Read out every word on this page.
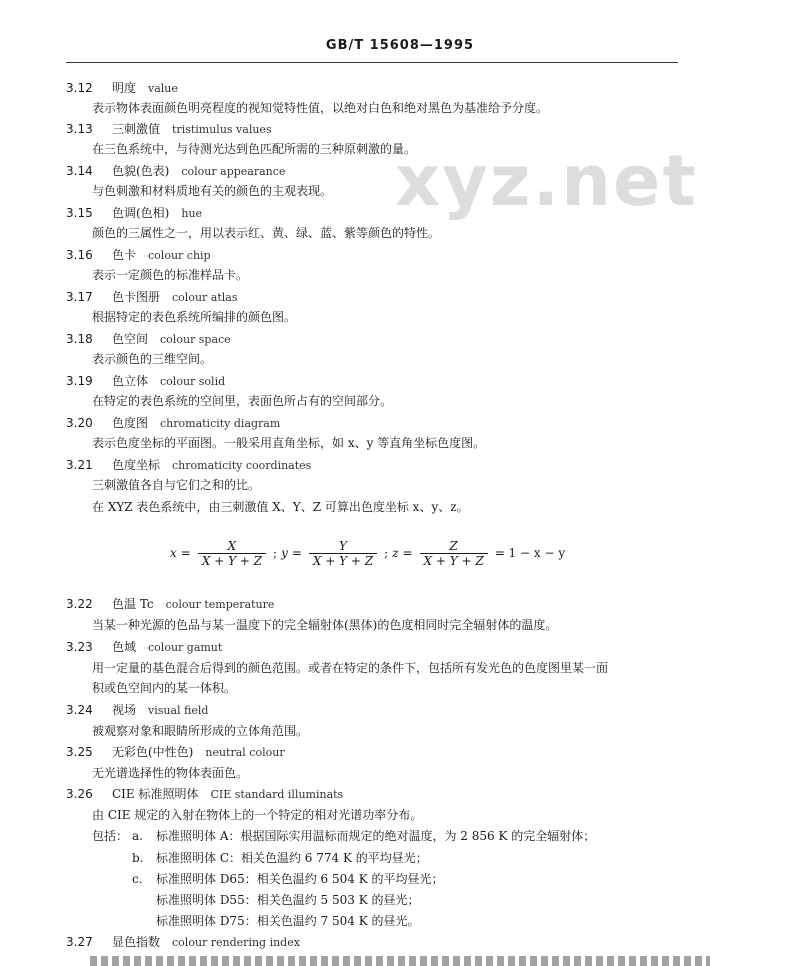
GB/T 15608—1995
xyz.net
3.12 明度 value
表示物体表面颜色明亮程度的视知觉特性值，以绝对白色和绝对黑色为基准给予分度。
3.13 三刺激值 tristimulus values
在三色系统中，与待测光达到色匹配所需的三种原刺激的量。
3.14 色貌(色表) colour appearance
与色刺激和材料质地有关的颜色的主观表现。
3.15 色调(色相) hue
颜色的三属性之一，用以表示红、黄、绿、蓝、紫等颜色的特性。
3.16 色卡 colour chip
表示一定颜色的标准样品卡。
3.17 色卡图册 colour atlas
根据特定的表色系统所编排的颜色图。
3.18 色空间 colour space
表示颜色的三维空间。
3.19 色立体 colour solid
在特定的表色系统的空间里，表面色所占有的空间部分。
3.20 色度图 chromaticity diagram
表示色度坐标的平面图。一般采用直角坐标，如 x、y 等直角坐标色度图。
3.21 色度坐标 chromaticity coordinates
三刺激值各自与它们之和的比。
在 XYZ 表色系统中，由三刺激值 X、Y、Z 可算出色度坐标 x、y、z。
$x = \frac{X}{X + Y + Z}$ ; $y = \frac{Y}{X + Y + Z}$ ; $z = \frac{Z}{X + Y + Z} = 1 - x - y$
3.22 色温 Tc colour temperature
当某一种光源的色品与某一温度下的完全辐射体(黑体)的色度相同时完全辐射体的温度。
3.23 色域 colour gamut
用一定量的基色混合后得到的颜色范围。或者在特定的条件下，包括所有发光色的色度图里某一面
积或色空间内的某一体积。
3.24 视场 visual field
被观察对象和眼睛所形成的立体角范围。
3.25 无彩色(中性色) neutral colour
无光谱选择性的物体表面色。
3.26 CIE 标准照明体 CIE standard illuminats
由 CIE 规定的入射在物体上的一个特定的相对光谱功率分布。
包括： a. 标准照明体 A：根据国际实用温标而规定的绝对温度，为 2 856 K 的完全辐射体；
b. 标准照明体 C：相关色温约 6 774 K 的平均昼光；
c. 标准照明体 D65：相关色温约 6 504 K 的平均昼光；
标准照明体 D55：相关色温约 5 503 K 的昼光；
标准照明体 D75：相关色温约 7 504 K 的昼光。
3.27 显色指数 colour rendering index
